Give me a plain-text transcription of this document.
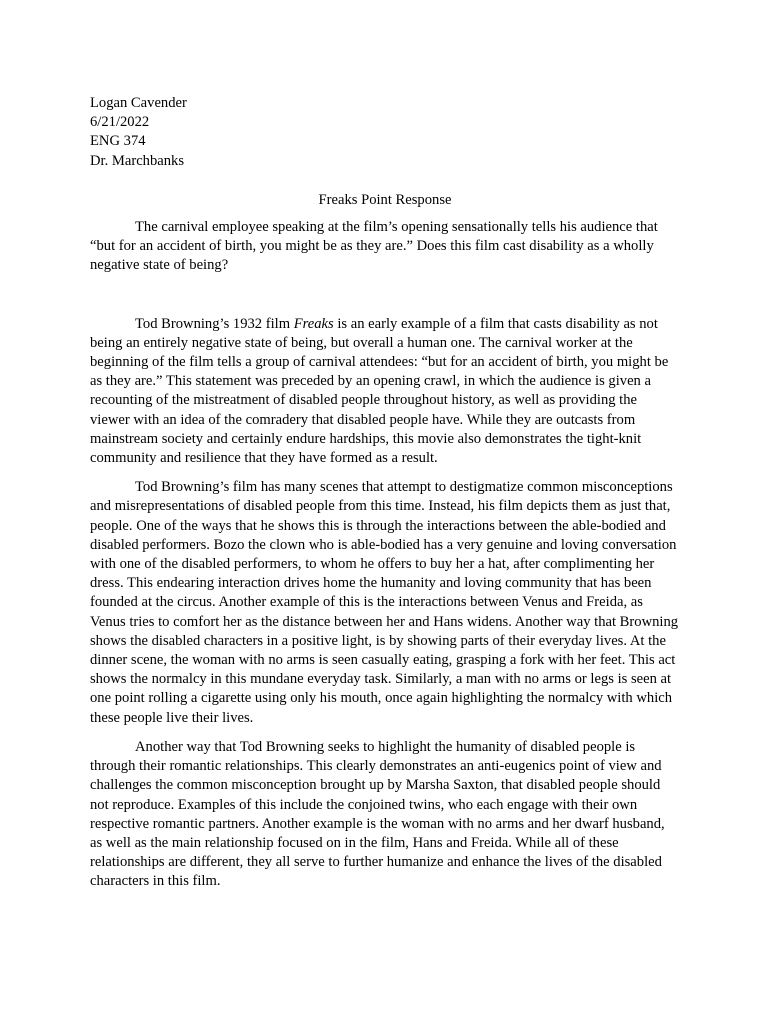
Logan Cavender
6/21/2022
ENG 374
Dr. Marchbanks
Freaks Point Response

The carnival employee speaking at the film’s opening sensationally tells his audience that “but for an accident of birth, you might be as they are.” Does this film cast disability as a wholly negative state of being?

Tod Browning’s 1932 film Freaks is an early example of a film that casts disability as not being an entirely negative state of being, but overall a human one. The carnival worker at the beginning of the film tells a group of carnival attendees: “but for an accident of birth, you might be as they are.” This statement was preceded by an opening crawl, in which the audience is given a recounting of the mistreatment of disabled people throughout history, as well as providing the viewer with an idea of the comradery that disabled people have. While they are outcasts from mainstream society and certainly endure hardships, this movie also demonstrates the tight-knit community and resilience that they have formed as a result.

Tod Browning’s film has many scenes that attempt to destigmatize common misconceptions and misrepresentations of disabled people from this time. Instead, his film depicts them as just that, people. One of the ways that he shows this is through the interactions between the able-bodied and disabled performers. Bozo the clown who is able-bodied has a very genuine and loving conversation with one of the disabled performers, to whom he offers to buy her a hat, after complimenting her dress. This endearing interaction drives home the humanity and loving community that has been founded at the circus. Another example of this is the interactions between Venus and Freida, as Venus tries to comfort her as the distance between her and Hans widens. Another way that Browning shows the disabled characters in a positive light, is by showing parts of their everyday lives. At the dinner scene, the woman with no arms is seen casually eating, grasping a fork with her feet. This act shows the normalcy in this mundane everyday task. Similarly, a man with no arms or legs is seen at one point rolling a cigarette using only his mouth, once again highlighting the normalcy with which these people live their lives.

Another way that Tod Browning seeks to highlight the humanity of disabled people is through their romantic relationships. This clearly demonstrates an anti-eugenics point of view and challenges the common misconception brought up by Marsha Saxton, that disabled people should not reproduce. Examples of this include the conjoined twins, who each engage with their own respective romantic partners. Another example is the woman with no arms and her dwarf husband, as well as the main relationship focused on in the film, Hans and Freida. While all of these relationships are different, they all serve to further humanize and enhance the lives of the disabled characters in this film.
